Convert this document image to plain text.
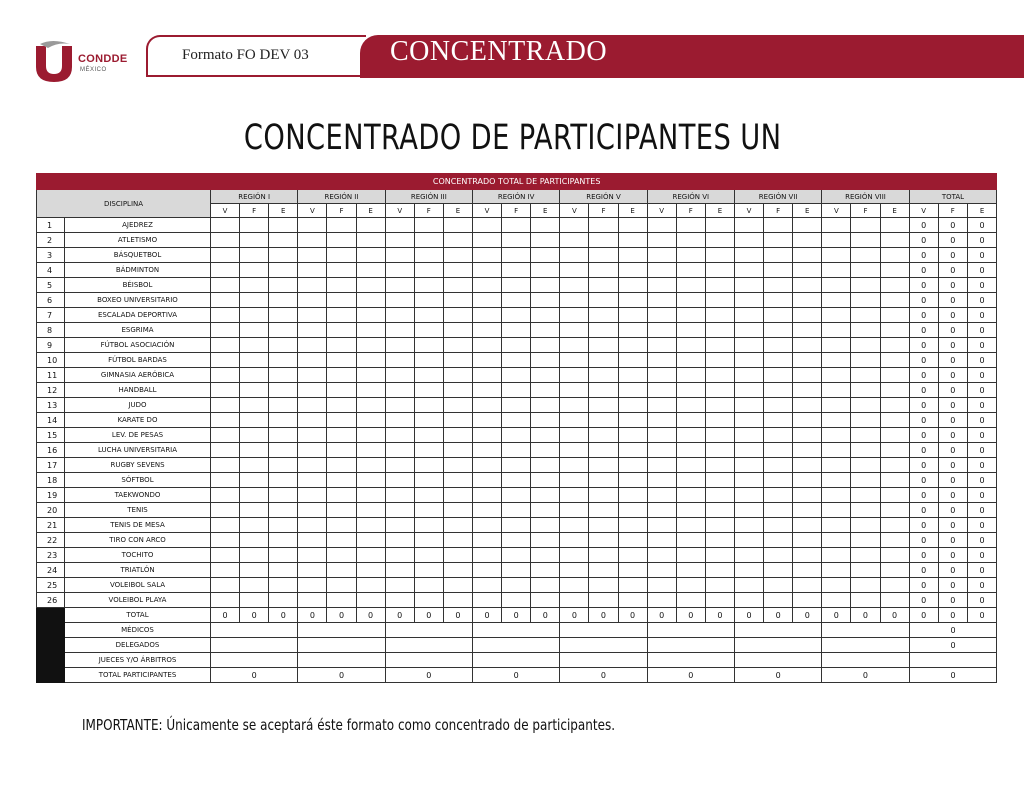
CONDDE
MÉXICO
Formato FO DEV 03	CONCENTRADO
CONCENTRADO DE PARTICIPANTES UN
CONCENTRADO TOTAL DE PARTICIPANTES																												
DISCIPLINA		REGIÓN I			REGIÓN II			REGIÓN III			REGIÓN IV			REGIÓN V			REGIÓN VI			REGIÓN VII			REGIÓN VIII			TOTAL		
		V	F	E	V	F	E	V	F	E	V	F	E	V	F	E	V	F	E	V	F	E	V	F	E	V	F	E
1	AJEDREZ																									0	0	0
2	ATLETISMO																									0	0	0
3	BÁSQUETBOL																									0	0	0
4	BÁDMINTON																									0	0	0
5	BÉISBOL																									0	0	0
6	BOXEO UNIVERSITARIO																									0	0	0
7	ESCALADA DEPORTIVA																									0	0	0
8	ESGRIMA																									0	0	0
9	FÚTBOL ASOCIACIÓN																									0	0	0
10	FÚTBOL BARDAS																									0	0	0
11	GIMNASIA AERÓBICA																									0	0	0
12	HANDBALL																									0	0	0
13	JUDO																									0	0	0
14	KARATE DO																									0	0	0
15	LEV. DE PESAS																									0	0	0
16	LUCHA UNIVERSITARIA																									0	0	0
17	RUGBY SEVENS																									0	0	0
18	SÓFTBOL																									0	0	0
19	TAEKWONDO																									0	0	0
20	TENIS																									0	0	0
21	TENIS DE MESA																									0	0	0
22	TIRO CON ARCO																									0	0	0
23	TOCHITO																									0	0	0
24	TRIATLÓN																									0	0	0
25	VOLEIBOL SALA																									0	0	0
26	VOLEIBOL PLAYA																									0	0	0
	TOTAL	0	0	0	0	0	0	0	0	0	0	0	0	0	0	0	0	0	0	0	0	0	0	0	0	0	0	0
	MÉDICOS																									0		
	DELEGADOS																									0		
	JUECES Y/O ÁRBITROS																											
	TOTAL PARTICIPANTES	0			0			0			0			0			0			0			0			0		
IMPORTANTE: Únicamente se aceptará éste formato como concentrado de participantes.
